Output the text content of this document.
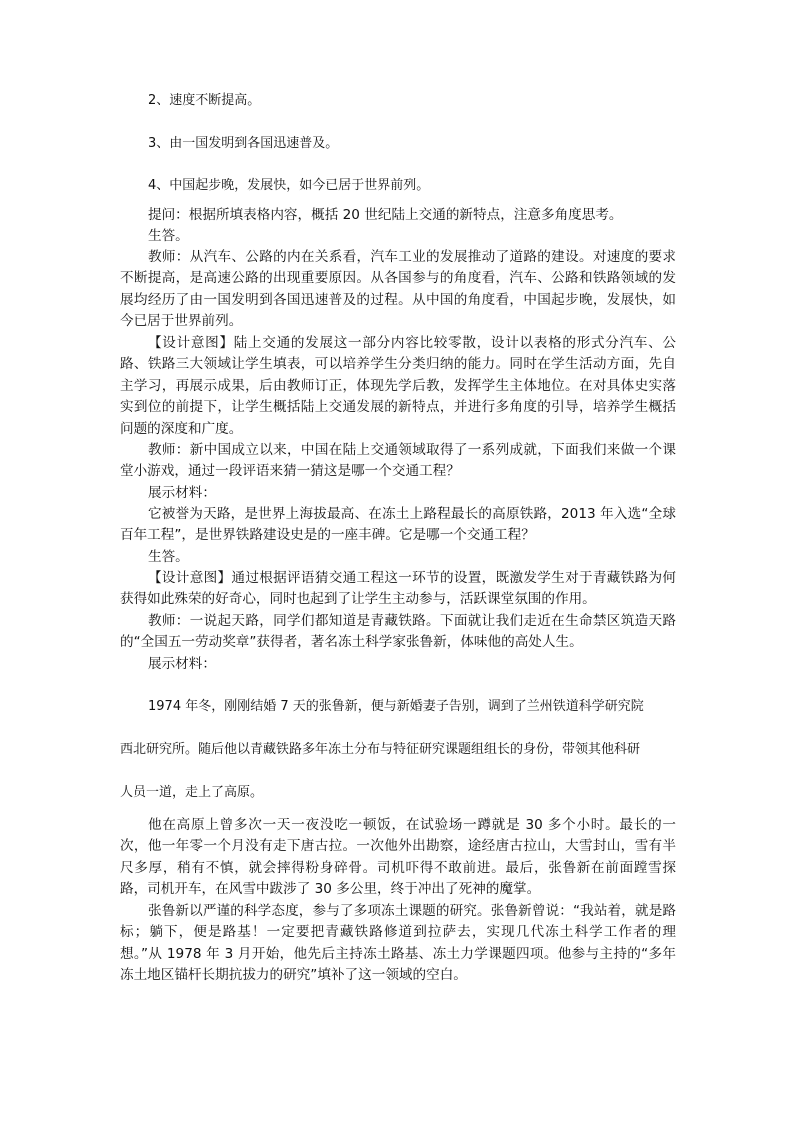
2、速度不断提高。
3、由一国发明到各国迅速普及。
4、中国起步晚，发展快，如今已居于世界前列。

提问：根据所填表格内容，概括 20 世纪陆上交通的新特点，注意多角度思考。

生答。

教师：从汽车、公路的内在关系看，汽车工业的发展推动了道路的建设。对速度的要求不断提高，是高速公路的出现重要原因。从各国参与的角度看，汽车、公路和铁路领域的发展均经历了由一国发明到各国迅速普及的过程。从中国的角度看，中国起步晚，发展快，如今已居于世界前列。

【设计意图】陆上交通的发展这一部分内容比较零散，设计以表格的形式分汽车、公路、铁路三大领域让学生填表，可以培养学生分类归纳的能力。同时在学生活动方面，先自主学习，再展示成果，后由教师订正，体现先学后教，发挥学生主体地位。在对具体史实落实到位的前提下，让学生概括陆上交通发展的新特点，并进行多角度的引导，培养学生概括问题的深度和广度。

教师：新中国成立以来，中国在陆上交通领域取得了一系列成就，下面我们来做一个课堂小游戏，通过一段评语来猜一猜这是哪一个交通工程？

展示材料：

它被誉为天路，是世界上海拔最高、在冻土上路程最长的高原铁路，2013 年入选“全球百年工程”，是世界铁路建设史是的一座丰碑。它是哪一个交通工程？

生答。

【设计意图】通过根据评语猜交通工程这一环节的设置，既激发学生对于青藏铁路为何获得如此殊荣的好奇心，同时也起到了让学生主动参与，活跃课堂氛围的作用。

教师：一说起天路，同学们都知道是青藏铁路。下面就让我们走近在生命禁区筑造天路的“全国五一劳动奖章”获得者，著名冻土科学家张鲁新，体味他的高处人生。

展示材料：

1974 年冬，刚刚结婚 7 天的张鲁新，便与新婚妻子告别，调到了兰州铁道科学研究院
西北研究所。随后他以青藏铁路多年冻土分布与特征研究课题组组长的身份，带领其他科研
人员一道，走上了高原。

他在高原上曾多次一天一夜没吃一顿饭，在试验场一蹲就是 30 多个小时。最长的一次，他一年零一个月没有走下唐古拉。一次他外出勘察，途经唐古拉山，大雪封山，雪有半尺多厚，稍有不慎，就会摔得粉身碎骨。司机吓得不敢前进。最后，张鲁新在前面蹚雪探路，司机开车，在风雪中跋涉了 30 多公里，终于冲出了死神的魔掌。

张鲁新以严谨的科学态度，参与了多项冻土课题的研究。张鲁新曾说：“我站着，就是路标；躺下，便是路基！一定要把青藏铁路修道到拉萨去，实现几代冻土科学工作者的理想。”从 1978 年 3 月开始，他先后主持冻土路基、冻土力学课题四项。他参与主持的“多年冻土地区锚杆长期抗拔力的研究”填补了这一领域的空白。
